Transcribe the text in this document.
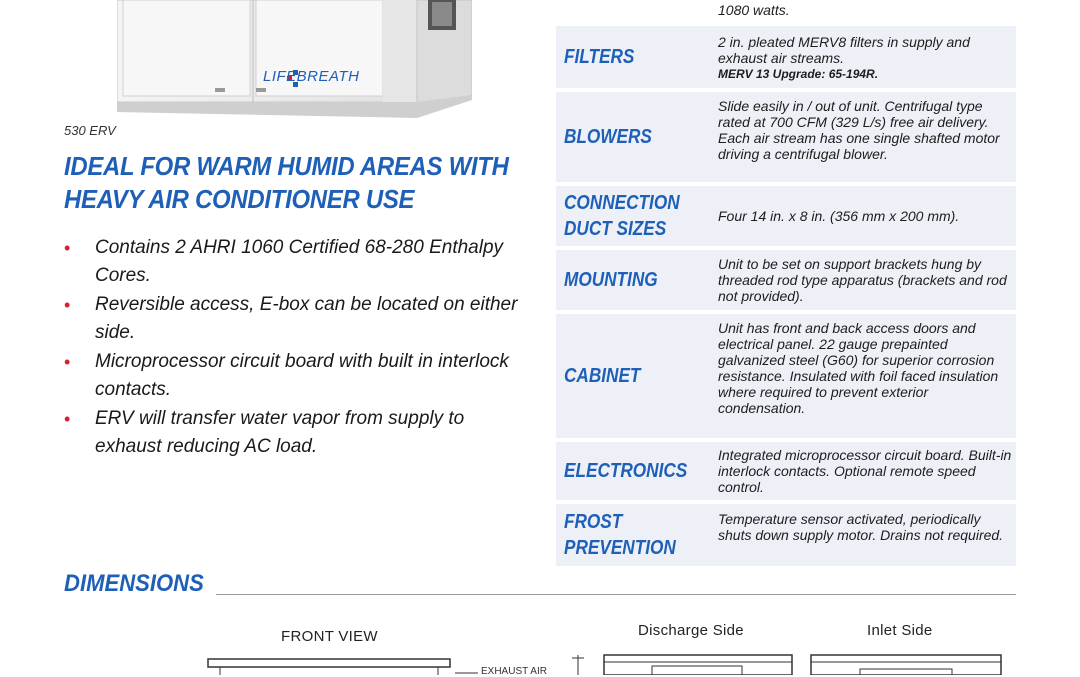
LIFEBREATH
530 ERV
IDEAL FOR WARM HUMID AREAS WITH
HEAVY AIR CONDITIONER USE
• Contains 2 AHRI 1060 Certified 68-280 Enthalpy Cores.
• Reversible access, E-box can be located on either side.
• Microprocessor circuit board with built in interlock contacts.
• ERV will transfer water vapor from supply to exhaust reducing AC load.
1080 watts.
FILTERS
2 in. pleated MERV8 filters in supply and exhaust air streams.
MERV 13 Upgrade: 65-194R.
BLOWERS
Slide easily in / out of unit. Centrifugal type rated at 700 CFM (329 L/s) free air delivery. Each air stream has one single shafted motor driving a centrifugal blower.
CONNECTION
DUCT SIZES
Four 14 in. x 8 in. (356 mm x 200 mm).
MOUNTING
Unit to be set on support brackets hung by threaded rod type apparatus (brackets and rod not provided).
CABINET
Unit has front and back access doors and electrical panel. 22 gauge prepainted galvanized steel (G60) for superior corrosion resistance. Insulated with foil faced insulation where required to prevent exterior condensation.
ELECTRONICS
Integrated microprocessor circuit board. Built-in interlock contacts. Optional remote speed control.
FROST
PREVENTION
Temperature sensor activated, periodically shuts down supply motor. Drains not required.
DIMENSIONS
FRONT VIEW	Discharge Side	Inlet Side
EXHAUST AIR
